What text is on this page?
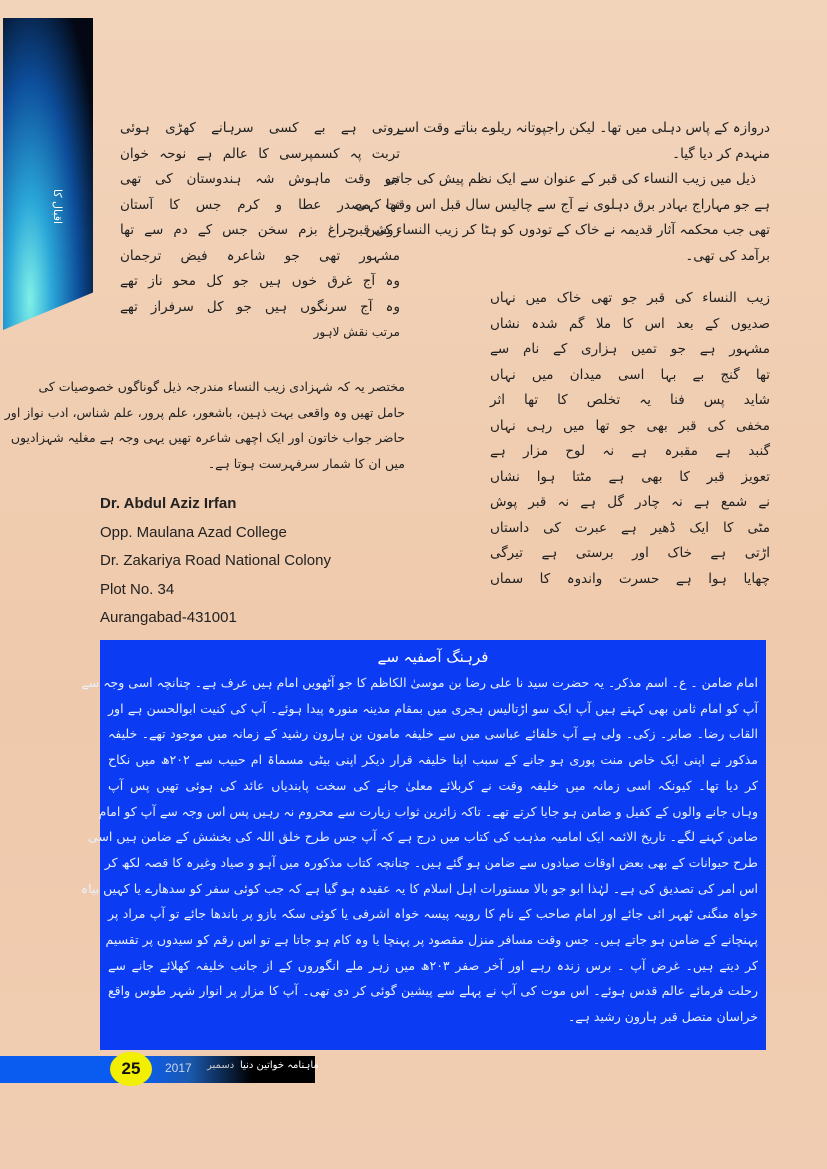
اقبال کا
دروازہ کے پاس دہلی میں تھا۔ لیکن راجپوتانہ ریلوے بناتے وقت اسے
منہدم کر دیا گیا۔
ذیل میں زیب النساء کی قبر کے عنوان سے ایک نظم پیش کی جاتی
ہے جو مہاراج بہادر برق دہلوی نے آج سے چالیس سال قبل اس وقت کہی
تھی جب محکمہ آثار قدیمہ نے خاک کے تودوں کو ہٹا کر زیب النساء کی قبر
برآمد کی تھی۔
روتی ہے بے کسی سرہانے کھڑی ہوئی
تربت پہ کسمپرسی کا عالم ہے نوحہ خوان
جو وقت ماہوش شہ ہندوستان کی تھی
تھا مصدر عطا و کرم جس کا آستان
روشن چراغ بزم سخن جس کے دم سے تھا
مشہور تھی جو شاعرہ فیض ترجمان
وہ آج غرق خوں ہیں جو کل محو ناز تھے
وہ آج سرنگوں ہیں جو کل سرفراز تھے
مرتب نقش لاہور
زیب النساء کی قبر جو تھی خاک میں نہاں
صدیوں کے بعد اس کا ملا گم شدہ نشاں
مشہور ہے جو تمیں ہزاری کے نام سے
تھا گنج بے بہا اسی میدان میں نہاں
شاید پس فنا یہ تخلص کا تھا اثر
مخفی کی قبر بھی جو تھا میں رہی نہاں
گنبد ہے مقبرہ ہے نہ لوح مزار ہے
تعویز قبر کا بھی ہے مٹتا ہوا نشاں
نے شمع ہے نہ چادر گل ہے نہ قبر پوش
مٹی کا ایک ڈھیر ہے عبرت کی داستاں
اڑتی ہے خاک اور برستی ہے تیرگی
چھایا ہوا ہے حسرت واندوہ کا سماں
مختصر یہ کہ شہزادی زیب النساء مندرجہ ذیل گوناگوں خصوصیات کی
حامل تھیں وہ واقعی بہت ذہین، باشعور، علم پرور، علم شناس، ادب نواز اور
حاضر جواب خاتون اور ایک اچھی شاعرہ تھیں یہی وجہ ہے مغلیہ شہزادیوں
میں ان کا شمار سرفہرست ہوتا ہے۔
Dr. Abdul Aziz Irfan
Opp. Maulana Azad College
Dr. Zakariya Road National Colony
Plot No. 34
Aurangabad-431001
فرہنگ آصفیہ سے
امام ضامن ۔ ع۔ اسم مذکر۔ یہ حضرت سید نا علی رضا بن موسیٰ الکاظم کا جو آٹھویں امام ہیں عرف ہے۔ چنانچہ اسی وجہ سے
آپ کو امام ثامن بھی کہتے ہیں آپ ایک سو اڑتالیس ہجری میں بمقام مدینہ منورہ پیدا ہوئے۔ آپ کی کنیت ابوالحسن ہے اور
القاب رضا۔ صابر۔ زکی۔ ولی ہے آپ خلفائے عباسی میں سے خلیفہ مامون بن ہارون رشید کے زمانہ میں موجود تھے۔ خلیفہ
مذکور نے اپنی ایک خاص منت پوری ہو جانے کے سبب اپنا خلیفہ قرار دیکر اپنی بیٹی مسماۃ ام حبیب سے ۲۰۲ھ میں نکاح
کر دیا تھا۔ کیونکہ اسی زمانہ میں خلیفہ وقت نے کربلائے معلیٰ جانے کی سخت پابندیاں عائد کی ہوئی تھیں پس آپ
وہاں جانے والوں کے کفیل و ضامن ہو جایا کرتے تھے۔ تاکہ زائرین ثواب زیارت سے محروم نہ رہیں پس اس وجہ سے آپ کو امام
ضامن کہنے لگے۔ تاریخ الائمہ ایک امامیہ مذہب کی کتاب میں درج ہے کہ آپ جس طرح خلق اللہ کی بخشش کے ضامن ہیں اسی
طرح حیوانات کے بھی بعض اوقات صیادوں سے ضامن ہو گئے ہیں۔ چنانچہ کتاب مذکورہ میں آہو و صیاد وغیرہ کا قصہ لکھ کر
اس امر کی تصدیق کی ہے۔ لہٰذا ابو جو بالا مستورات اہل اسلام کا یہ عقیدہ ہو گیا ہے کہ جب کوئی سفر کو سدھارے یا کہیں بیاہ
خواہ منگنی ٹھہر ائی جائے اور امام صاحب کے نام کا روپیہ پیسہ خواہ اشرفی یا کوئی سکہ بازو پر باندھا جائے تو آپ مراد پر
پہنچانے کے ضامن ہو جاتے ہیں۔ جس وقت مسافر منزل مقصود پر پہنچا یا وہ کام ہو جاتا ہے تو اس رقم کو سیدوں پر تقسیم
کر دیتے ہیں۔ غرض آپ ۔ برس زندہ رہے اور آخر صفر ۲۰۳ھ میں زہر ملے انگوروں کے از جانب خلیفہ کھلائے جانے سے
رحلت فرمائے عالم قدس ہوئے۔ اس موت کی آپ نے پہلے سے پیشین گوئی کر دی تھی۔ آپ کا مزار پر انوار شہر طوس واقع
خراسان متصل قبر ہارون رشید ہے۔
25	2017 دسمبر ماہنامہ خواتین دنیا
